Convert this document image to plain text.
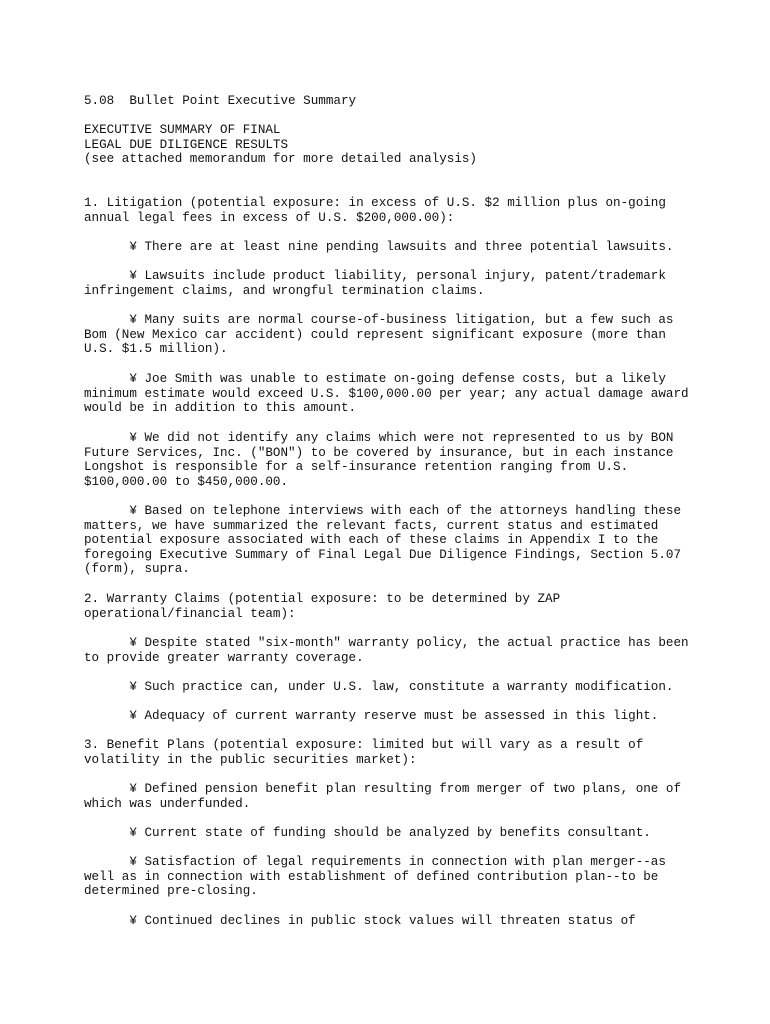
5.08  Bullet Point Executive Summary
EXECUTIVE SUMMARY OF FINAL
LEGAL DUE DILIGENCE RESULTS
(see attached memorandum for more detailed analysis)
1. Litigation (potential exposure: in excess of U.S. $2 million plus on-going
annual legal fees in excess of U.S. $200,000.00):
¥ There are at least nine pending lawsuits and three potential lawsuits.
¥ Lawsuits include product liability, personal injury, patent/trademark
infringement claims, and wrongful termination claims.
¥ Many suits are normal course-of-business litigation, but a few such as
Bom (New Mexico car accident) could represent significant exposure (more than
U.S. $1.5 million).
¥ Joe Smith was unable to estimate on-going defense costs, but a likely
minimum estimate would exceed U.S. $100,000.00 per year; any actual damage award
would be in addition to this amount.
¥ We did not identify any claims which were not represented to us by BON
Future Services, Inc. ("BON") to be covered by insurance, but in each instance
Longshot is responsible for a self-insurance retention ranging from U.S.
$100,000.00 to $450,000.00.
¥ Based on telephone interviews with each of the attorneys handling these
matters, we have summarized the relevant facts, current status and estimated
potential exposure associated with each of these claims in Appendix I to the
foregoing Executive Summary of Final Legal Due Diligence Findings, Section 5.07
(form), supra.
2. Warranty Claims (potential exposure: to be determined by ZAP
operational/financial team):
¥ Despite stated "six-month" warranty policy, the actual practice has been
to provide greater warranty coverage.
¥ Such practice can, under U.S. law, constitute a warranty modification.
¥ Adequacy of current warranty reserve must be assessed in this light.
3. Benefit Plans (potential exposure: limited but will vary as a result of
volatility in the public securities market):
¥ Defined pension benefit plan resulting from merger of two plans, one of
which was underfunded.
¥ Current state of funding should be analyzed by benefits consultant.
¥ Satisfaction of legal requirements in connection with plan merger--as
well as in connection with establishment of defined contribution plan--to be
determined pre-closing.
¥ Continued declines in public stock values will threaten status of
